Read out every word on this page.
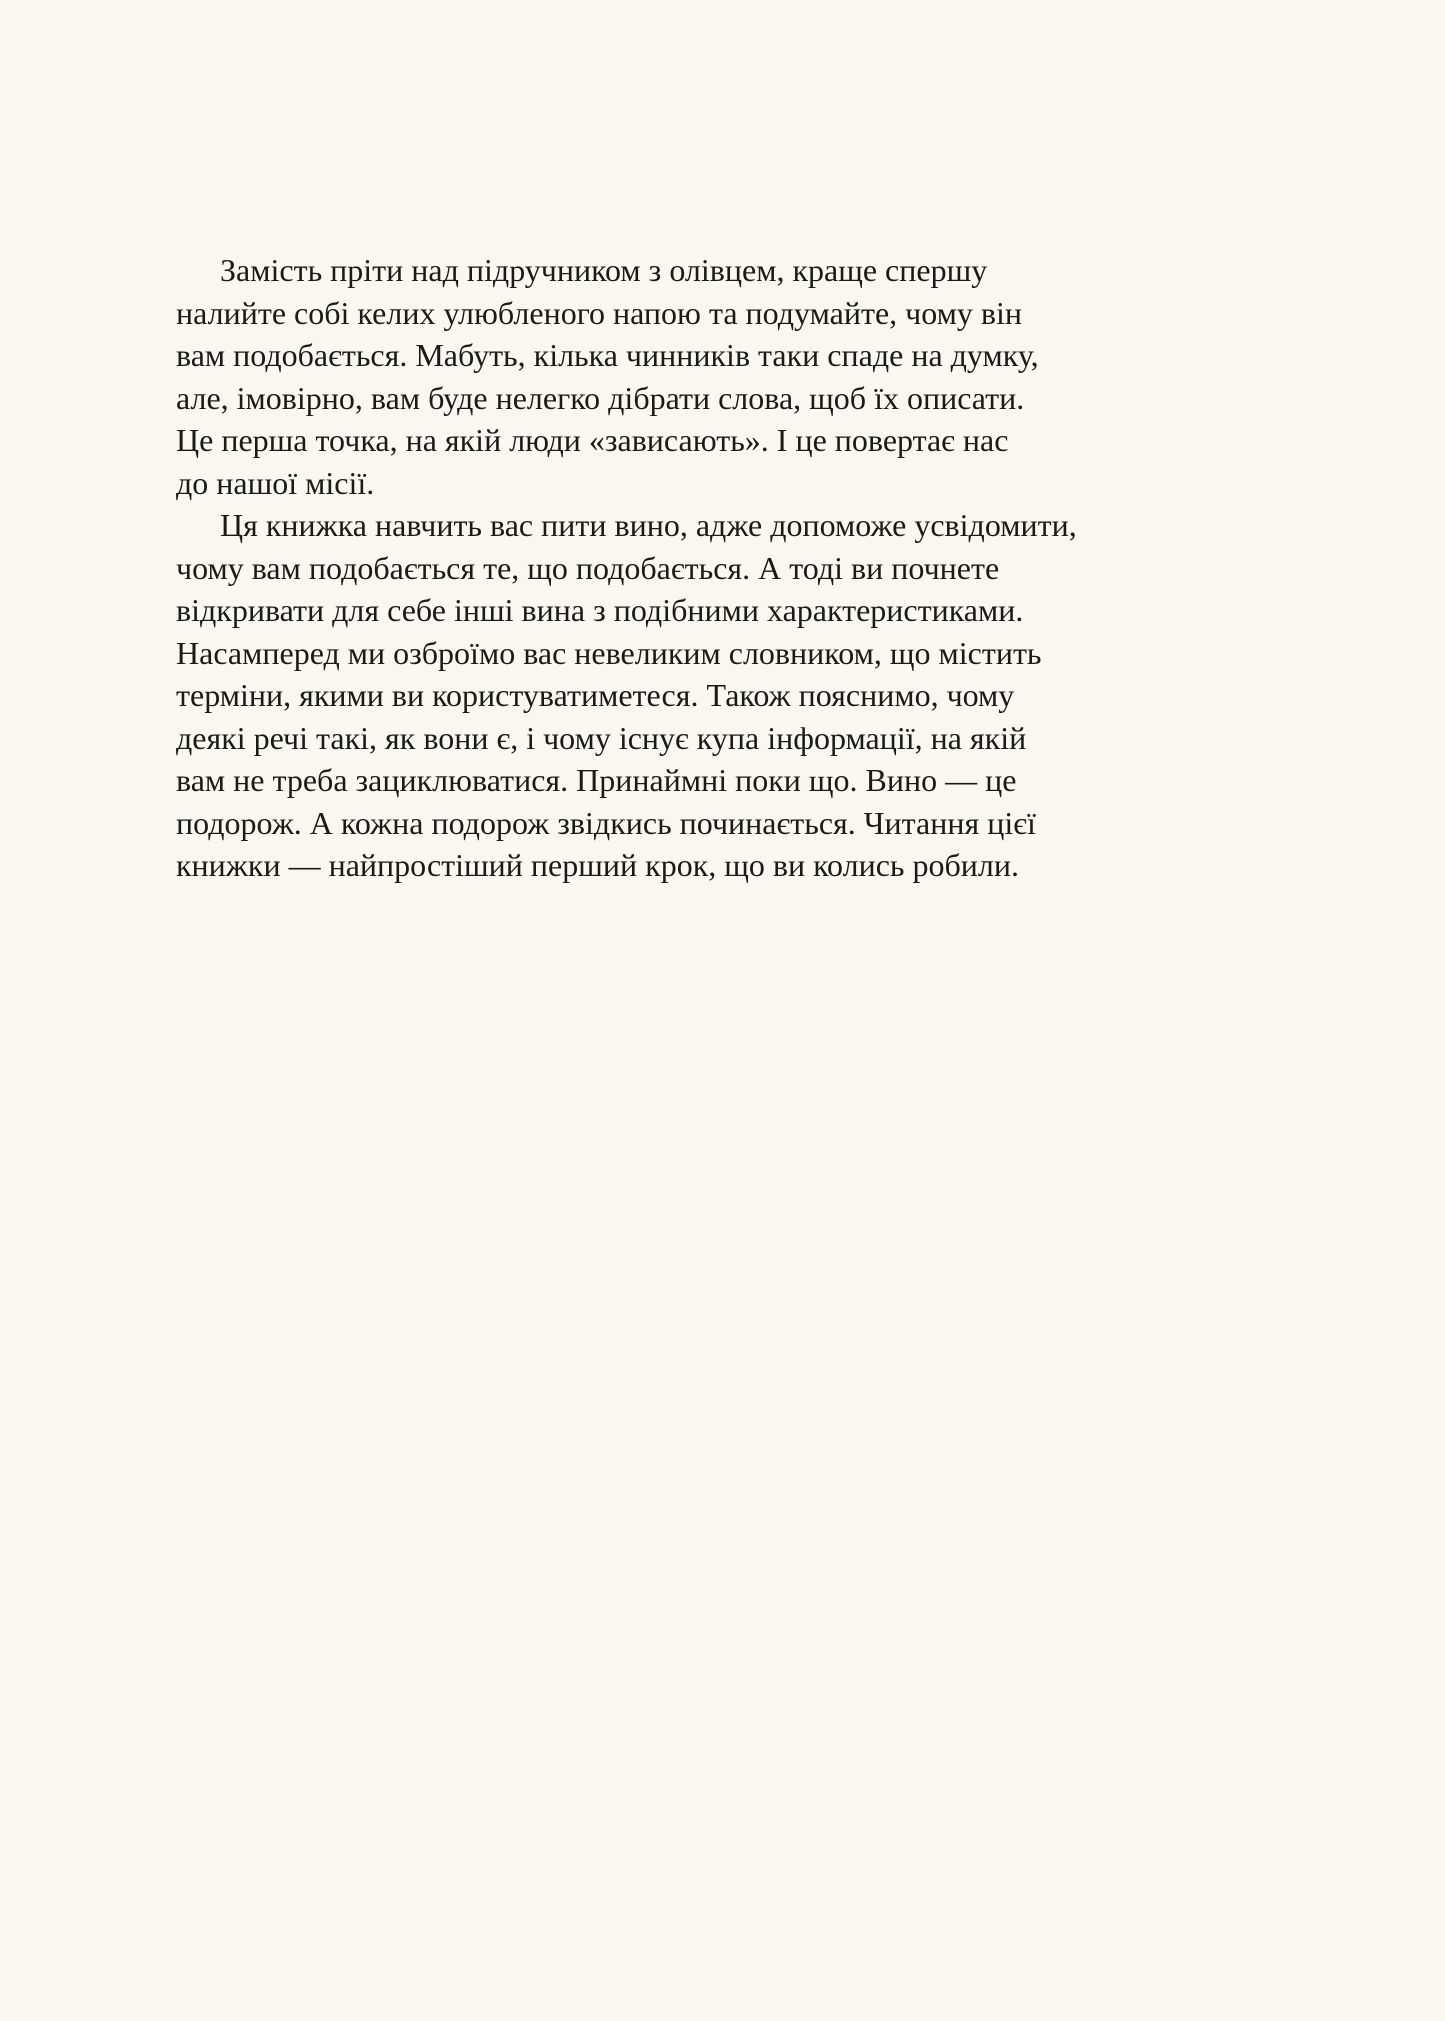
Замість пріти над підручником з олівцем, краще спершу
налийте собі келих улюбленого напою та подумайте, чому він
вам подобається. Мабуть, кілька чинників таки спаде на думку,
але, імовірно, вам буде нелегко дібрати слова, щоб їх описати.
Це перша точка, на якій люди «зависають». І це повертає нас
до нашої місії.
Ця книжка навчить вас пити вино, адже допоможе усвідомити,
чому вам подобається те, що подобається. А тоді ви почнете
відкривати для себе інші вина з подібними характеристиками.
Насамперед ми озброїмо вас невеликим словником, що містить
терміни, якими ви користуватиметеся. Також пояснимо, чому
деякі речі такі, як вони є, і чому існує купа інформації, на якій
вам не треба зациклюватися. Принаймні поки що. Вино — це
подорож. А кожна подорож звідкись починається. Читання цієї
книжки — найпростіший перший крок, що ви колись робили.
